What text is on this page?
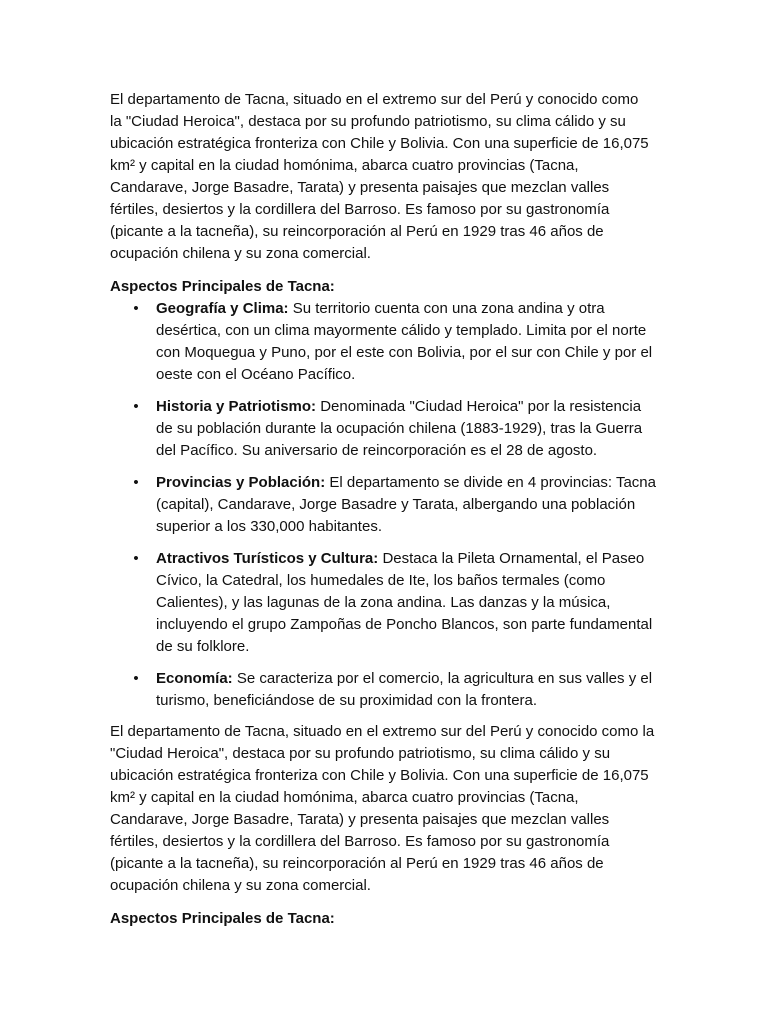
El departamento de Tacna, situado en el extremo sur del Perú y conocido como la "Ciudad Heroica", destaca por su profundo patriotismo, su clima cálido y su ubicación estratégica fronteriza con Chile y Bolivia. Con una superficie de 16,075 km² y capital en la ciudad homónima, abarca cuatro provincias (Tacna, Candarave, Jorge Basadre, Tarata) y presenta paisajes que mezclan valles fértiles, desiertos y la cordillera del Barroso. Es famoso por su gastronomía (picante a la tacneña), su reincorporación al Perú en 1929 tras 46 años de ocupación chilena y su zona comercial.

Aspectos Principales de Tacna:

• Geografía y Clima: Su territorio cuenta con una zona andina y otra desértica, con un clima mayormente cálido y templado. Limita por el norte con Moquegua y Puno, por el este con Bolivia, por el sur con Chile y por el oeste con el Océano Pacífico.
• Historia y Patriotismo: Denominada "Ciudad Heroica" por la resistencia de su población durante la ocupación chilena (1883-1929), tras la Guerra del Pacífico. Su aniversario de reincorporación es el 28 de agosto.
• Provincias y Población: El departamento se divide en 4 provincias: Tacna (capital), Candarave, Jorge Basadre y Tarata, albergando una población superior a los 330,000 habitantes.
• Atractivos Turísticos y Cultura: Destaca la Pileta Ornamental, el Paseo Cívico, la Catedral, los humedales de Ite, los baños termales (como Calientes), y las lagunas de la zona andina. Las danzas y la música, incluyendo el grupo Zampoñas de Poncho Blancos, son parte fundamental de su folklore.
• Economía: Se caracteriza por el comercio, la agricultura en sus valles y el turismo, beneficiándose de su proximidad con la frontera.

El departamento de Tacna, situado en el extremo sur del Perú y conocido como la "Ciudad Heroica", destaca por su profundo patriotismo, su clima cálido y su ubicación estratégica fronteriza con Chile y Bolivia. Con una superficie de 16,075 km² y capital en la ciudad homónima, abarca cuatro provincias (Tacna, Candarave, Jorge Basadre, Tarata) y presenta paisajes que mezclan valles fértiles, desiertos y la cordillera del Barroso. Es famoso por su gastronomía (picante a la tacneña), su reincorporación al Perú en 1929 tras 46 años de ocupación chilena y su zona comercial.

Aspectos Principales de Tacna:
